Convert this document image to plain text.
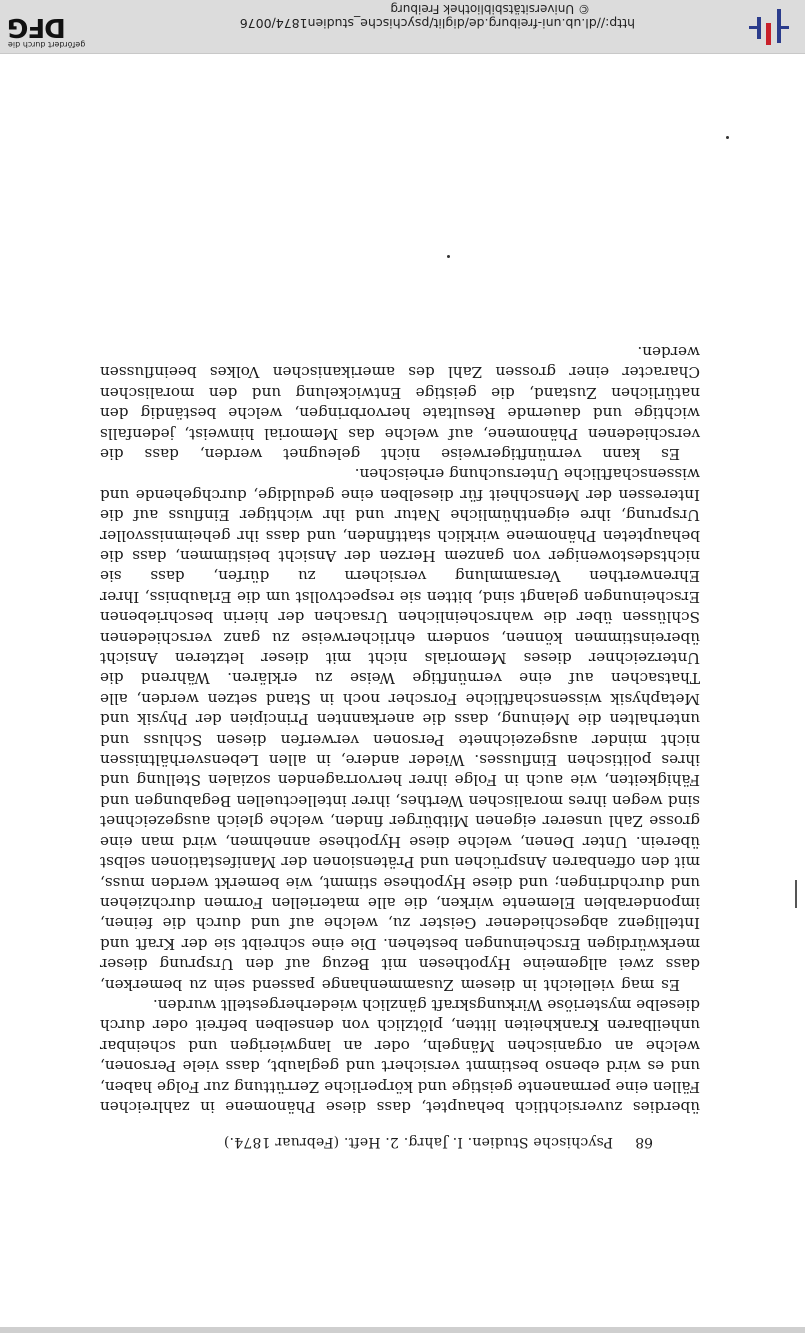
68
Psychische Studien. I. Jahrg. 2. Heft. (Februar 1874.)

überdies zuversichtlich behauptet, dass diese Phänomene in zahlreichen Fällen eine permanente geistige und körperliche Zerrüttung zur Folge haben, und es wird ebenso bestimmt versichert und geglaubt, dass viele Personen, welche an organischen Mängeln, oder an langwierigen und scheinbar unheilbaren Krankheiten litten, plötzlich von denselben befreit oder durch dieselbe mysteriöse Wirkungskraft gänzlich wiederhergestellt wurden.

Es mag vielleicht in diesem Zusammenhange passend sein zu bemerken, dass zwei allgemeine Hypothesen mit Bezug auf den Ursprung dieser merkwürdigen Erscheinungen bestehen. Die eine schreibt sie der Kraft und Intelligenz abgeschiedener Geister zu, welche auf und durch die feinen, imponderablen Elemente wirken, die alle materiellen Formen durchziehen und durchdringen; und diese Hypothese stimmt, wie bemerkt werden muss, mit den offenbaren Ansprüchen und Prätensionen der Manifestationen selbst überein. Unter Denen, welche diese Hypothese annehmen, wird man eine grosse Zahl unserer eigenen Mitbürger finden, welche gleich ausgezeichnet sind wegen ihres moralischen Werthes, ihrer intellectuellen Begabungen und Fähigkeiten, wie auch in Folge ihrer hervorragenden sozialen Stellung und ihres politischen Einflusses. Wieder andere, in allen Lebensverhältnissen nicht minder ausgezeichnete Personen verwerfen diesen Schluss und unterhalten die Meinung, dass die anerkannten Principien der Physik und Metaphysik wissenschaftliche Forscher noch in Stand setzen werden, alle Thatsachen auf eine vernünftige Weise zu erklären. Während die Unterzeichner dieses Memorials nicht mit dieser letzteren Ansicht übereinstimmen können, sondern ehrlicherweise zu ganz verschiedenen Schlüssen über die wahrscheinlichen Ursachen der hierin beschriebenen Erscheinungen gelangt sind, bitten sie respectvollst um die Erlaubniss, Ihrer Ehrenwerthen Versammlung versichern zu dürfen, dass sie nichtsdestoweniger von ganzem Herzen der Ansicht beistimmen, dass die behaupteten Phänomene wirklich stattfinden, und dass ihr geheimnissvoller Ursprung, ihre eigenthümliche Natur und ihr wichtiger Einfluss auf die Interessen der Menschheit für dieselben eine geduldige, durchgehende und wissenschaftliche Untersuchung erheischen.

Es kann vernünftigerweise nicht geleugnet werden, dass die verschiedenen Phänomene, auf welche das Memorial hinweist, jedenfalls wichtige und dauernde Resultate hervorbringen, welche beständig den natürlichen Zustand, die geistige Entwickelung und den moralischen Character einer grossen Zahl des amerikanischen Volkes beeinflussen werden.

http://dl.ub.uni-freiburg.de/diglit/psychische_studien1874/0076
© Universitätsbibliothek Freiburg
gefördert durch die
DFG
